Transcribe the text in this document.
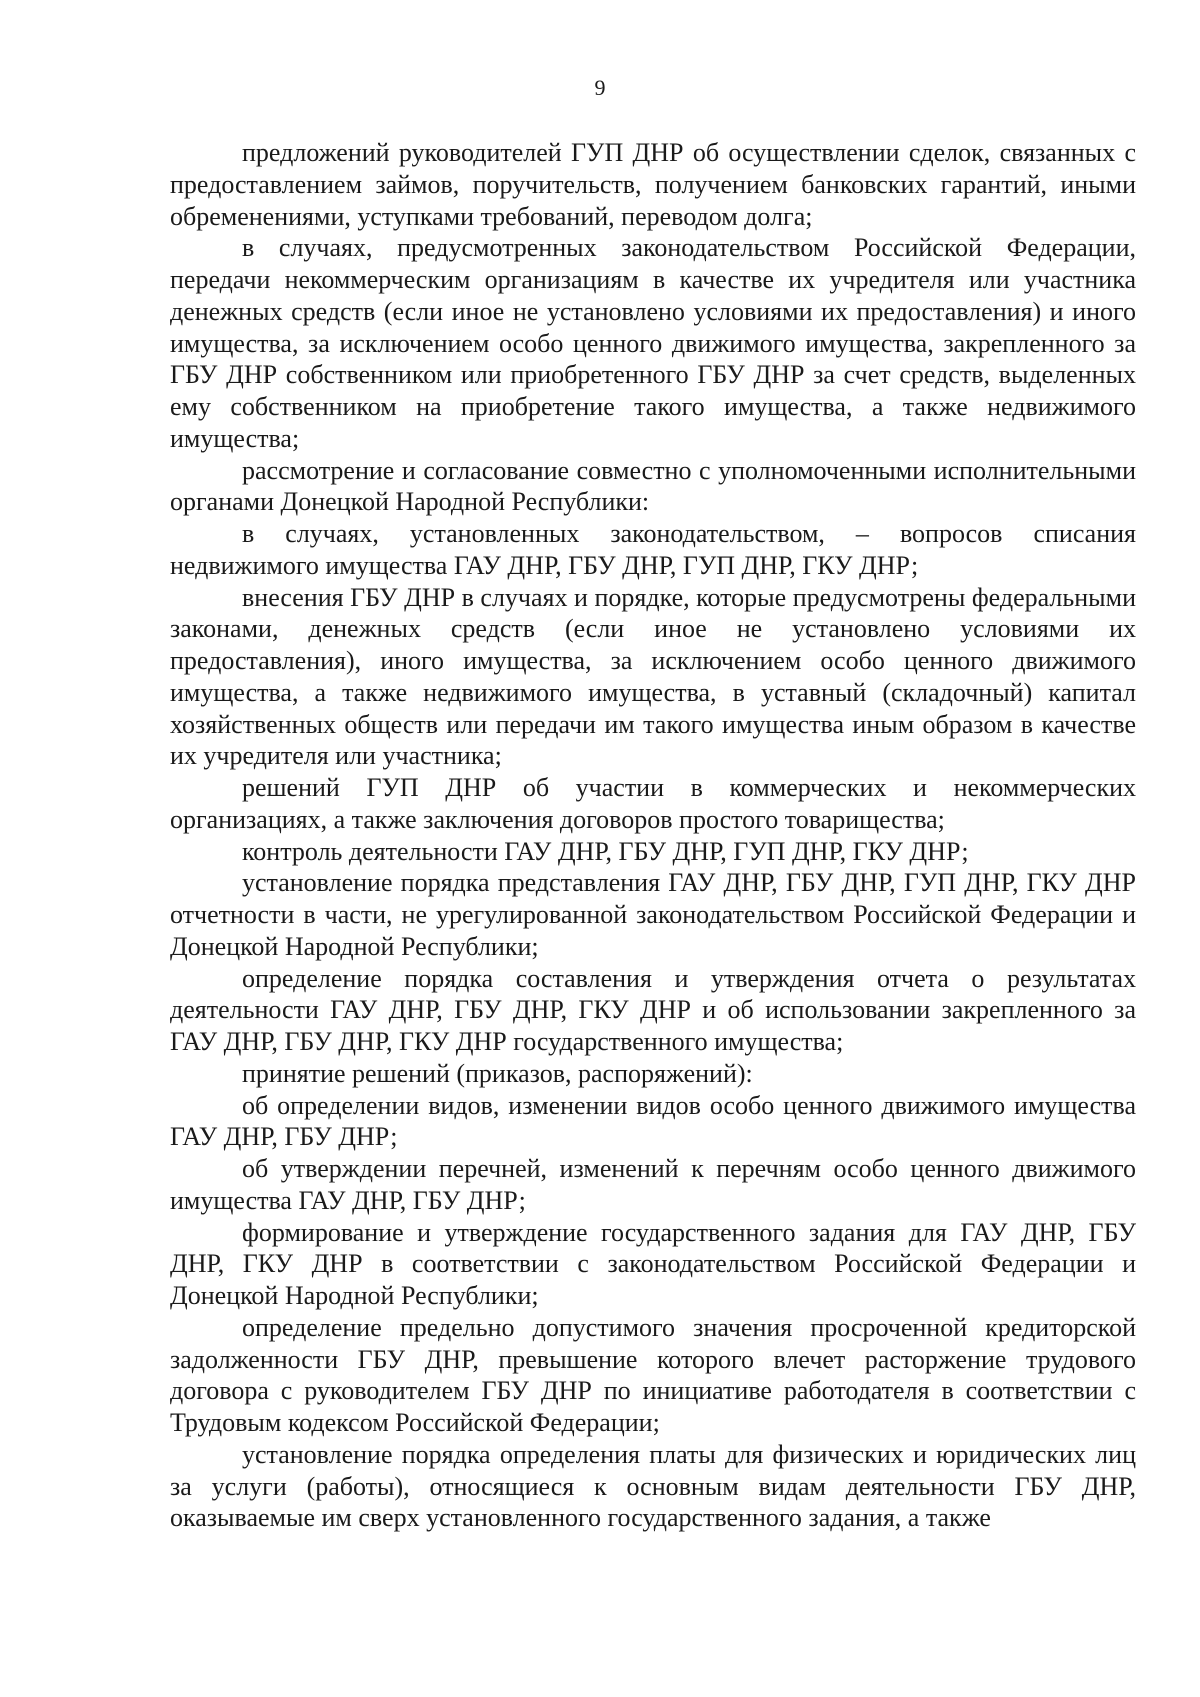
9

предложений руководителей ГУП ДНР об осуществлении сделок, связанных с предоставлением займов, поручительств, получением банковских гарантий, иными обременениями, уступками требований, переводом долга;

в случаях, предусмотренных законодательством Российской Федерации, передачи некоммерческим организациям в качестве их учредителя или участника денежных средств (если иное не установлено условиями их предоставления) и иного имущества, за исключением особо ценного движимого имущества, закрепленного за ГБУ ДНР собственником или приобретенного ГБУ ДНР за счет средств, выделенных ему собственником на приобретение такого имущества, а также недвижимого имущества;

рассмотрение и согласование совместно с уполномоченными исполнительными органами Донецкой Народной Республики:

в случаях, установленных законодательством, – вопросов списания недвижимого имущества ГАУ ДНР, ГБУ ДНР, ГУП ДНР, ГКУ ДНР;

внесения ГБУ ДНР в случаях и порядке, которые предусмотрены федеральными законами, денежных средств (если иное не установлено условиями их предоставления), иного имущества, за исключением особо ценного движимого имущества, а также недвижимого имущества, в уставный (складочный) капитал хозяйственных обществ или передачи им такого имущества иным образом в качестве их учредителя или участника;

решений ГУП ДНР об участии в коммерческих и некоммерческих организациях, а также заключения договоров простого товарищества;

контроль деятельности ГАУ ДНР, ГБУ ДНР, ГУП ДНР, ГКУ ДНР;

установление порядка представления ГАУ ДНР, ГБУ ДНР, ГУП ДНР, ГКУ ДНР отчетности в части, не урегулированной законодательством Российской Федерации и Донецкой Народной Республики;

определение порядка составления и утверждения отчета о результатах деятельности ГАУ ДНР, ГБУ ДНР, ГКУ ДНР и об использовании закрепленного за ГАУ ДНР, ГБУ ДНР, ГКУ ДНР государственного имущества;

принятие решений (приказов, распоряжений):

об определении видов, изменении видов особо ценного движимого имущества ГАУ ДНР, ГБУ ДНР;

об утверждении перечней, изменений к перечням особо ценного движимого имущества ГАУ ДНР, ГБУ ДНР;

формирование и утверждение государственного задания для ГАУ ДНР, ГБУ ДНР, ГКУ ДНР в соответствии с законодательством Российской Федерации и Донецкой Народной Республики;

определение предельно допустимого значения просроченной кредиторской задолженности ГБУ ДНР, превышение которого влечет расторжение трудового договора с руководителем ГБУ ДНР по инициативе работодателя в соответствии с Трудовым кодексом Российской Федерации;

установление порядка определения платы для физических и юридических лиц за услуги (работы), относящиеся к основным видам деятельности ГБУ ДНР, оказываемые им сверх установленного государственного задания, а также
